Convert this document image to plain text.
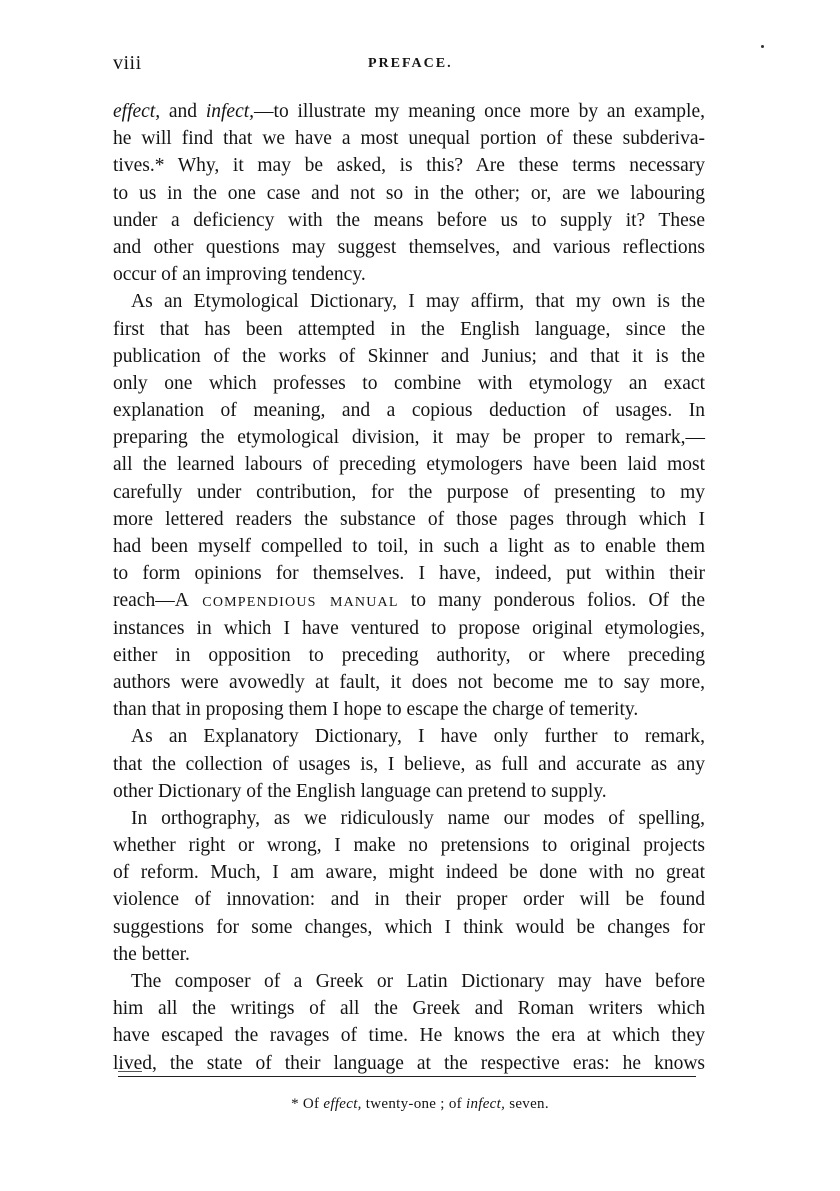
viii	PREFACE.
effect, and infect,—to illustrate my meaning once more by an example,
he will find that we have a most unequal portion of these subderiva-
tives.* Why, it may be asked, is this? Are these terms necessary
to us in the one case and not so in the other; or, are we labouring
under a deficiency with the means before us to supply it? These
and other questions may suggest themselves, and various reflections
occur of an improving tendency.
As an Etymological Dictionary, I may affirm, that my own is the
first that has been attempted in the English language, since the
publication of the works of Skinner and Junius; and that it is the
only one which professes to combine with etymology an exact
explanation of meaning, and a copious deduction of usages. In
preparing the etymological division, it may be proper to remark,—
all the learned labours of preceding etymologers have been laid most
carefully under contribution, for the purpose of presenting to my
more lettered readers the substance of those pages through which I
had been myself compelled to toil, in such a light as to enable them
to form opinions for themselves. I have, indeed, put within their
reach—A compendious manual to many ponderous folios. Of the
instances in which I have ventured to propose original etymologies,
either in opposition to preceding authority, or where preceding
authors were avowedly at fault, it does not become me to say more,
than that in proposing them I hope to escape the charge of temerity.
As an Explanatory Dictionary, I have only further to remark,
that the collection of usages is, I believe, as full and accurate as any
other Dictionary of the English language can pretend to supply.
In orthography, as we ridiculously name our modes of spelling,
whether right or wrong, I make no pretensions to original projects
of reform. Much, I am aware, might indeed be done with no great
violence of innovation: and in their proper order will be found
suggestions for some changes, which I think would be changes for
the better.
The composer of a Greek or Latin Dictionary may have before
him all the writings of all the Greek and Roman writers which
have escaped the ravages of time. He knows the era at which they
lived, the state of their language at the respective eras: he knows
* Of effect, twenty-one ; of infect, seven.
